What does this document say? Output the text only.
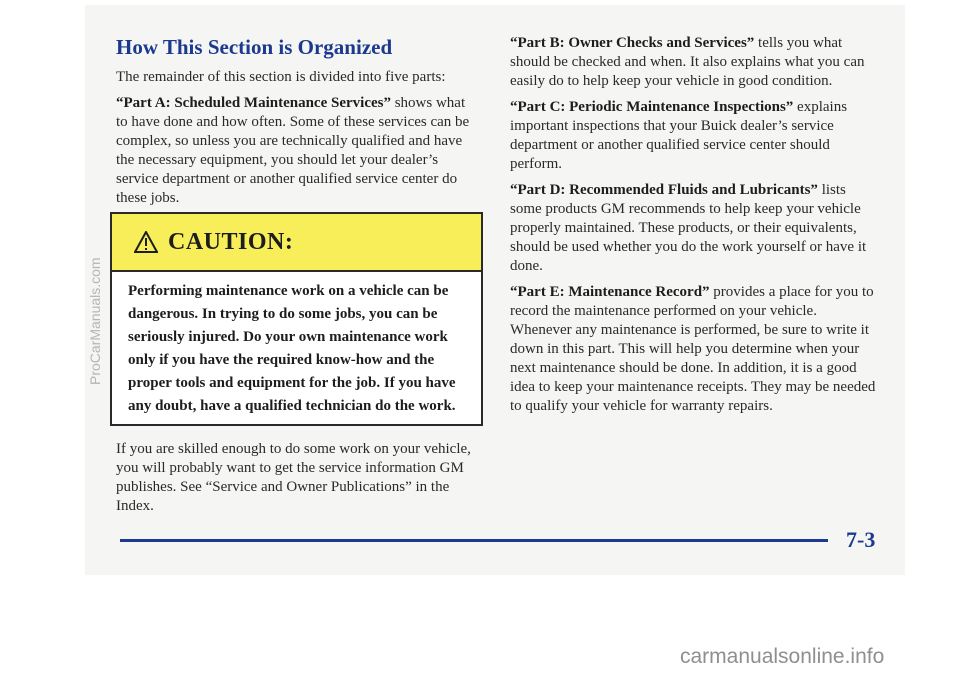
How This Section is Organized

The remainder of this section is divided into five parts:

“Part A: Scheduled Maintenance Services” shows what to have done and how often. Some of these services can be complex, so unless you are technically qualified and have the necessary equipment, you should let your dealer’s service department or another qualified service center do these jobs.

CAUTION:
Performing maintenance work on a vehicle can be dangerous. In trying to do some jobs, you can be seriously injured. Do your own maintenance work only if you have the required know-how and the proper tools and equipment for the job. If you have any doubt, have a qualified technician do the work.
If you are skilled enough to do some work on your vehicle, you will probably want to get the service information GM publishes. See “Service and Owner Publications” in the Index.

“Part B: Owner Checks and Services” tells you what should be checked and when. It also explains what you can easily do to help keep your vehicle in good condition.

“Part C: Periodic Maintenance Inspections” explains important inspections that your Buick dealer’s service department or another qualified service center should perform.

“Part D: Recommended Fluids and Lubricants” lists some products GM recommends to help keep your vehicle properly maintained. These products, or their equivalents, should be used whether you do the work yourself or have it done.

“Part E: Maintenance Record” provides a place for you to record the maintenance performed on your vehicle. Whenever any maintenance is performed, be sure to write it down in this part. This will help you determine when your next maintenance should be done. In addition, it is a good idea to keep your maintenance receipts. They may be needed to qualify your vehicle for warranty repairs.

7-3
ProCarManuals.com
carmanualsonline.info
